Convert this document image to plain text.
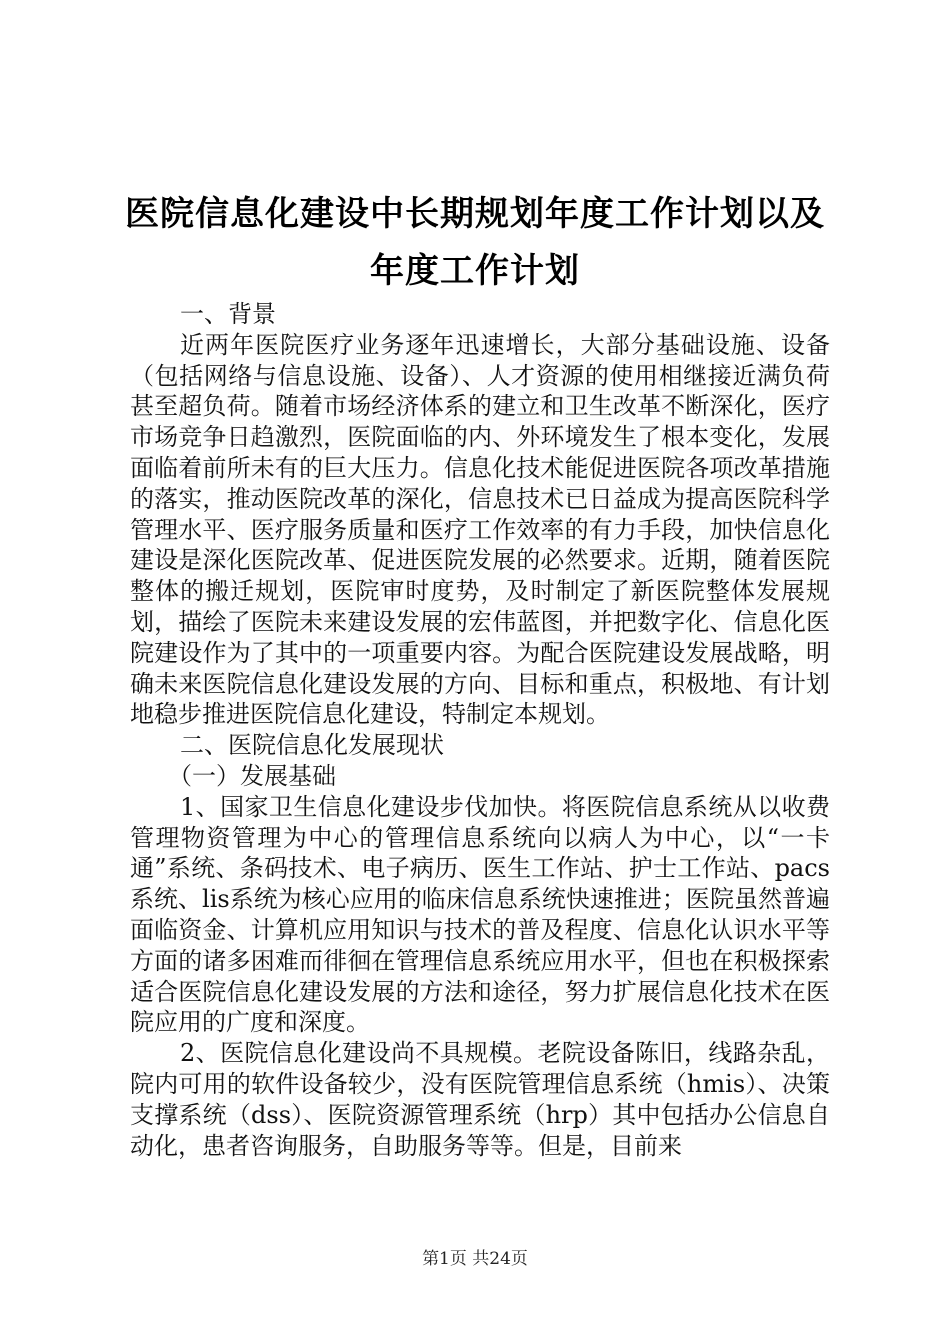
医院信息化建设中长期规划年度工作计划以及
年度工作计划

一、背景

近两年医院医疗业务逐年迅速增长，大部分基础设施、设备（包括网络与信息设施、设备）、人才资源的使用相继接近满负荷甚至超负荷。随着市场经济体系的建立和卫生改革不断深化，医疗市场竞争日趋激烈，医院面临的内、外环境发生了根本变化，发展面临着前所未有的巨大压力。信息化技术能促进医院各项改革措施的落实，推动医院改革的深化，信息技术已日益成为提高医院科学管理水平、医疗服务质量和医疗工作效率的有力手段，加快信息化建设是深化医院改革、促进医院发展的必然要求。近期，随着医院整体的搬迁规划，医院审时度势，及时制定了新医院整体发展规划，描绘了医院未来建设发展的宏伟蓝图，并把数字化、信息化医院建设作为了其中的一项重要内容。为配合医院建设发展战略，明确未来医院信息化建设发展的方向、目标和重点，积极地、有计划地稳步推进医院信息化建设，特制定本规划。

二、医院信息化发展现状

（一）发展基础

1、国家卫生信息化建设步伐加快。将医院信息系统从以收费管理物资管理为中心的管理信息系统向以病人为中心，以“一卡通”系统、条码技术、电子病历、医生工作站、护士工作站、pacs系统、lis系统为核心应用的临床信息系统快速推进；医院虽然普遍面临资金、计算机应用知识与技术的普及程度、信息化认识水平等方面的诸多困难而徘徊在管理信息系统应用水平，但也在积极探索适合医院信息化建设发展的方法和途径，努力扩展信息化技术在医院应用的广度和深度。

2、医院信息化建设尚不具规模。老院设备陈旧，线路杂乱，院内可用的软件设备较少，没有医院管理信息系统（hmis）、决策支撑系统（dss）、医院资源管理系统（hrp）其中包括办公信息自动化，患者咨询服务，自助服务等等。但是，目前来

第1页 共24页
